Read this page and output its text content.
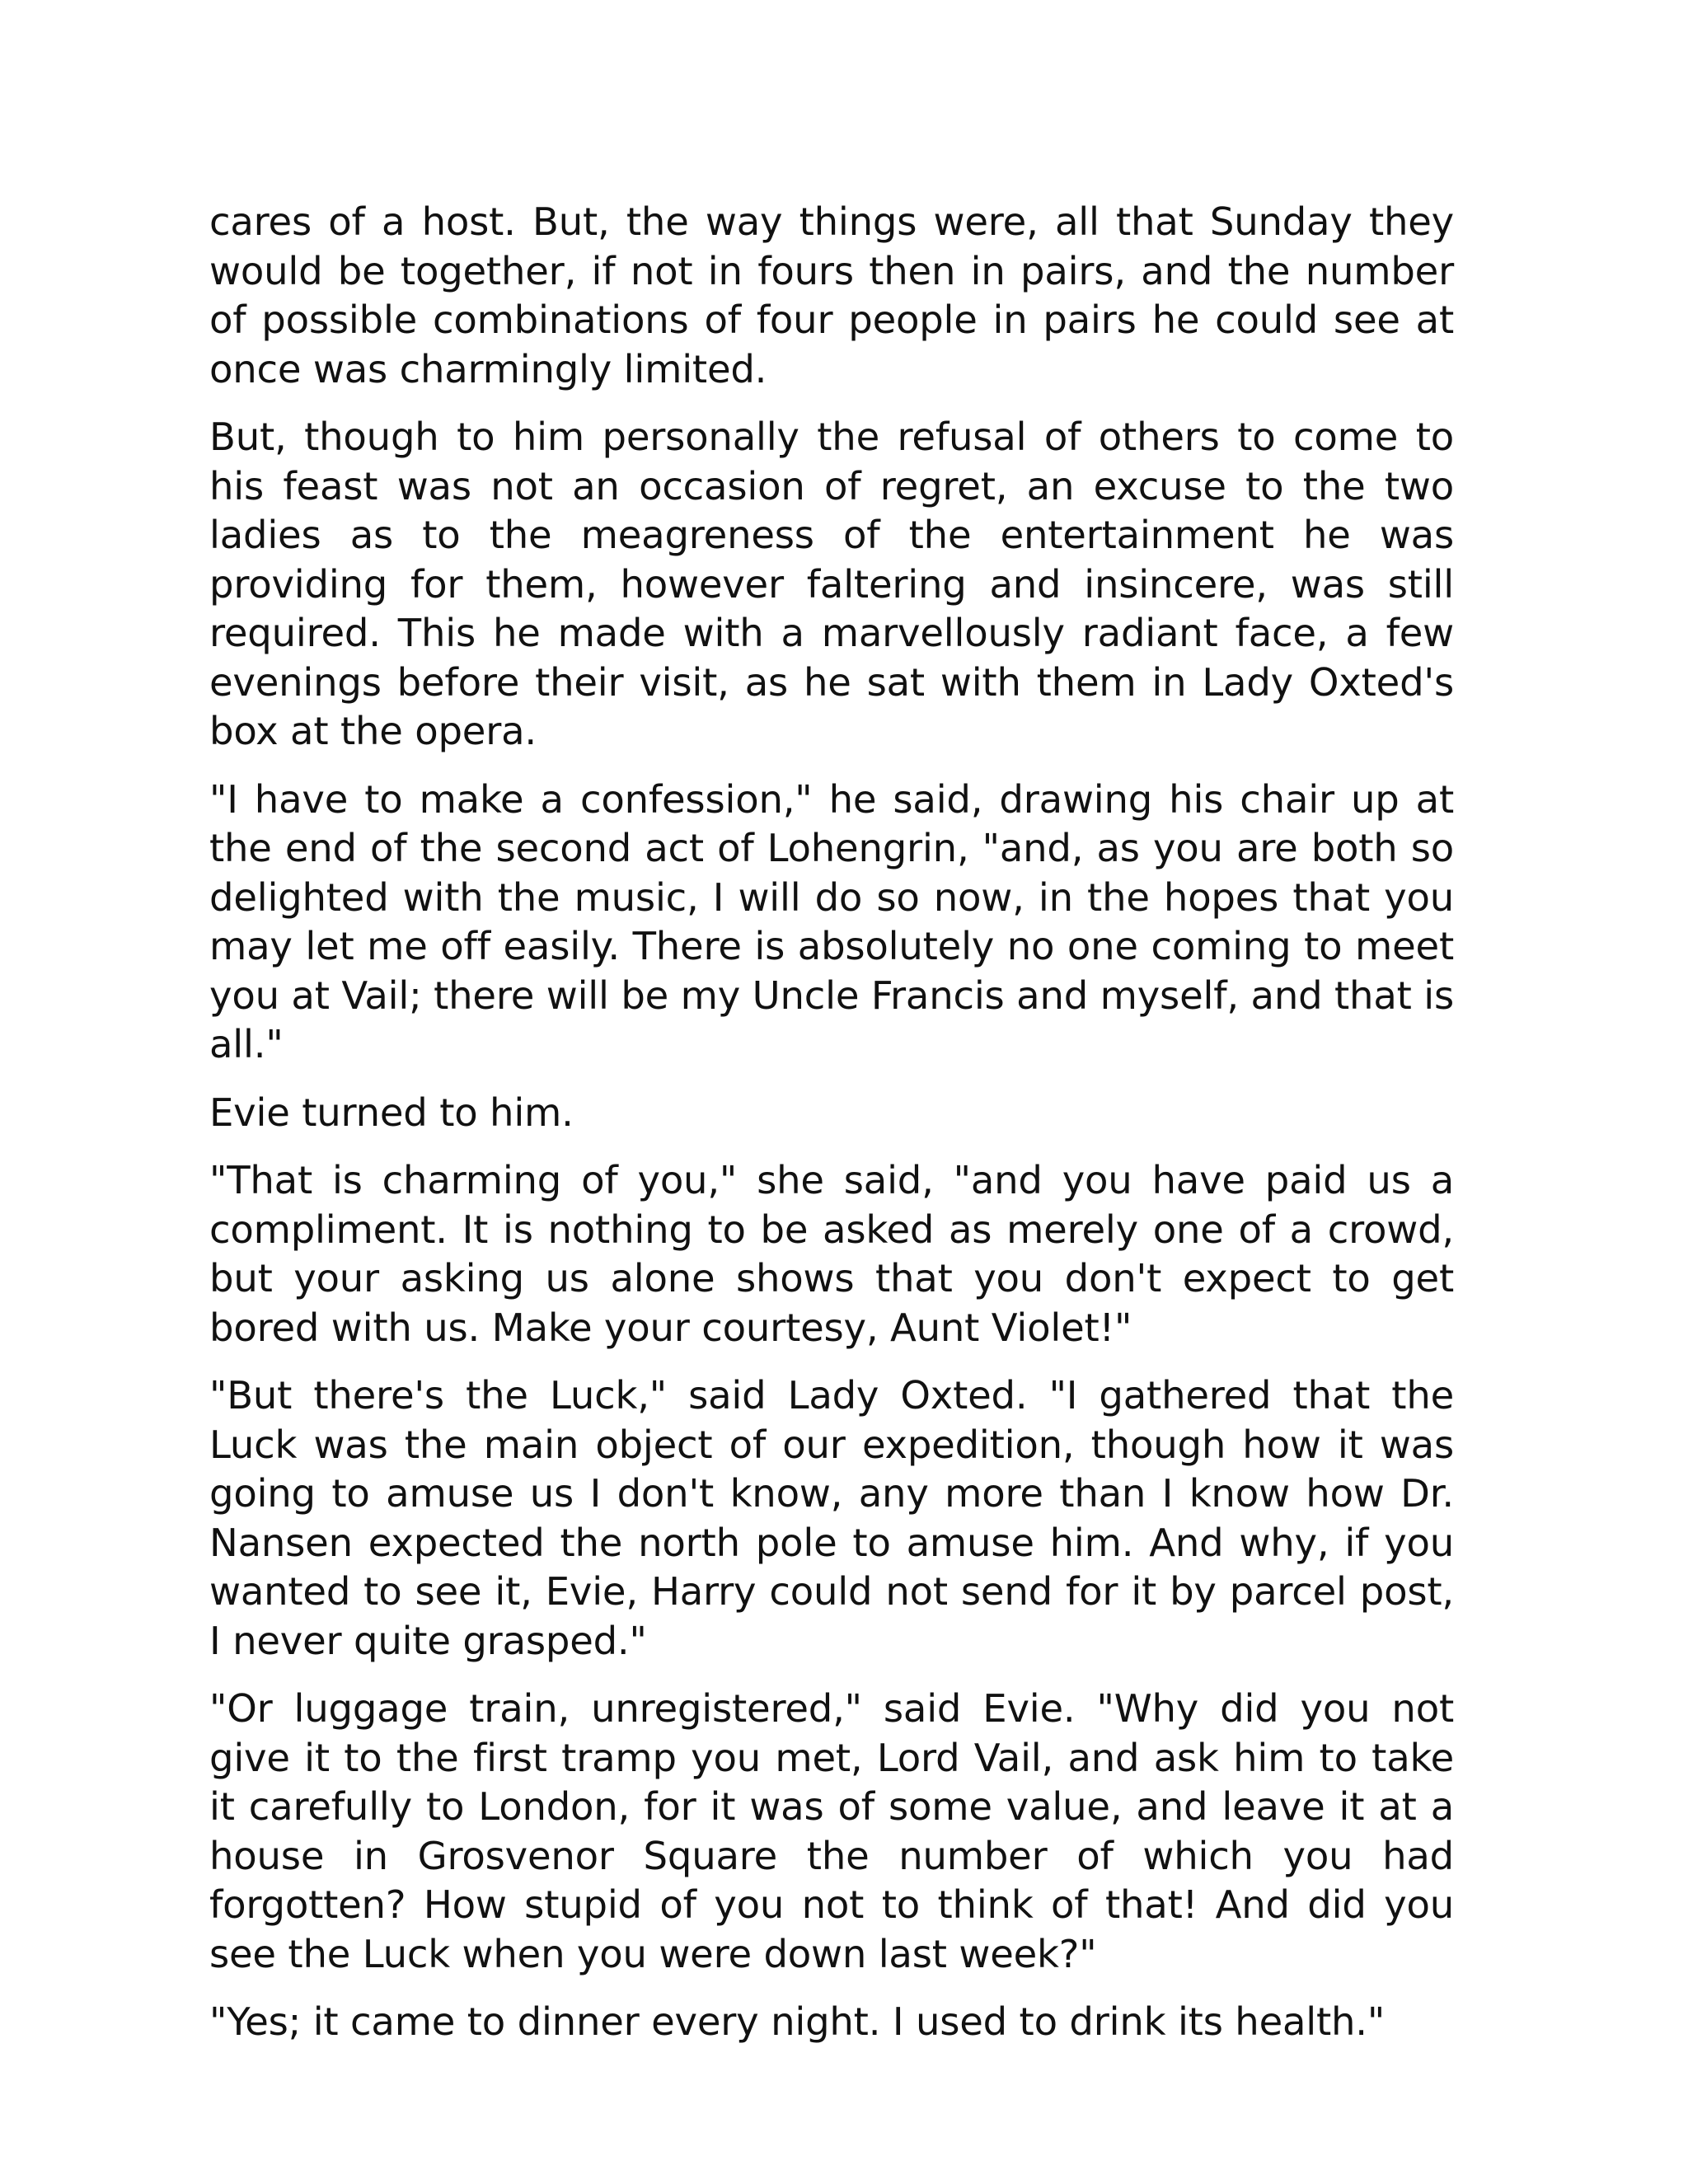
cares of a host. But, the way things were, all that Sunday they would be together, if not in fours then in pairs, and the number of possible combinations of four people in pairs he could see at once was charmingly limited.

But, though to him personally the refusal of others to come to his feast was not an occasion of regret, an excuse to the two ladies as to the meagreness of the entertainment he was providing for them, however faltering and insincere, was still required. This he made with a marvellously radiant face, a few evenings before their visit, as he sat with them in Lady Oxted's box at the opera.

"I have to make a confession," he said, drawing his chair up at the end of the second act of Lohengrin, "and, as you are both so delighted with the music, I will do so now, in the hopes that you may let me off easily. There is absolutely no one coming to meet you at Vail; there will be my Uncle Francis and myself, and that is all."

Evie turned to him.

"That is charming of you," she said, "and you have paid us a compliment. It is nothing to be asked as merely one of a crowd, but your asking us alone shows that you don't expect to get bored with us. Make your courtesy, Aunt Violet!"

"But there's the Luck," said Lady Oxted. "I gathered that the Luck was the main object of our expedition, though how it was going to amuse us I don't know, any more than I know how Dr. Nansen expected the north pole to amuse him. And why, if you wanted to see it, Evie, Harry could not send for it by parcel post, I never quite grasped."

"Or luggage train, unregistered," said Evie. "Why did you not give it to the first tramp you met, Lord Vail, and ask him to take it carefully to London, for it was of some value, and leave it at a house in Grosvenor Square the number of which you had forgotten? How stupid of you not to think of that! And did you see the Luck when you were down last week?"

"Yes; it came to dinner every night. I used to drink its health."
